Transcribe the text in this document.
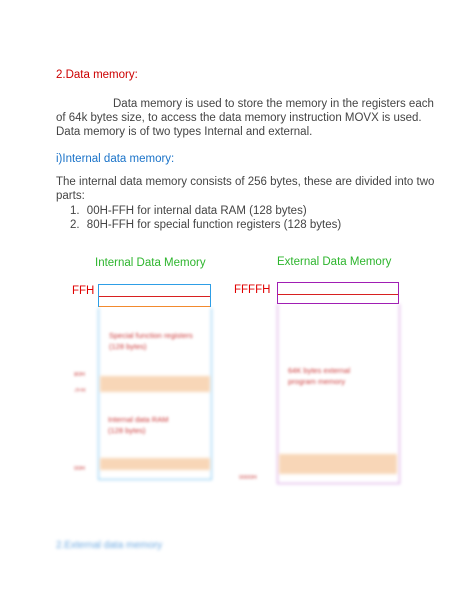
2.Data memory:
Data memory is used to store the memory in the registers each
of 64k bytes size, to access the data memory instruction MOVX is used.
Data memory is of two types Internal and external.
i)Internal data memory:
The internal data memory consists of 256 bytes, these are divided into two
parts:
1. 00H-FFH for internal data RAM (128 bytes)
2. 80H-FFH for special function registers (128 bytes)
Internal Data Memory
FFH
Special function registers
(128 bytes)
Internal data RAM
(128 bytes)
80H
7FH
00H
External Data Memory
FFFFH
64K bytes external
program memory
0000H
2.External data memory
